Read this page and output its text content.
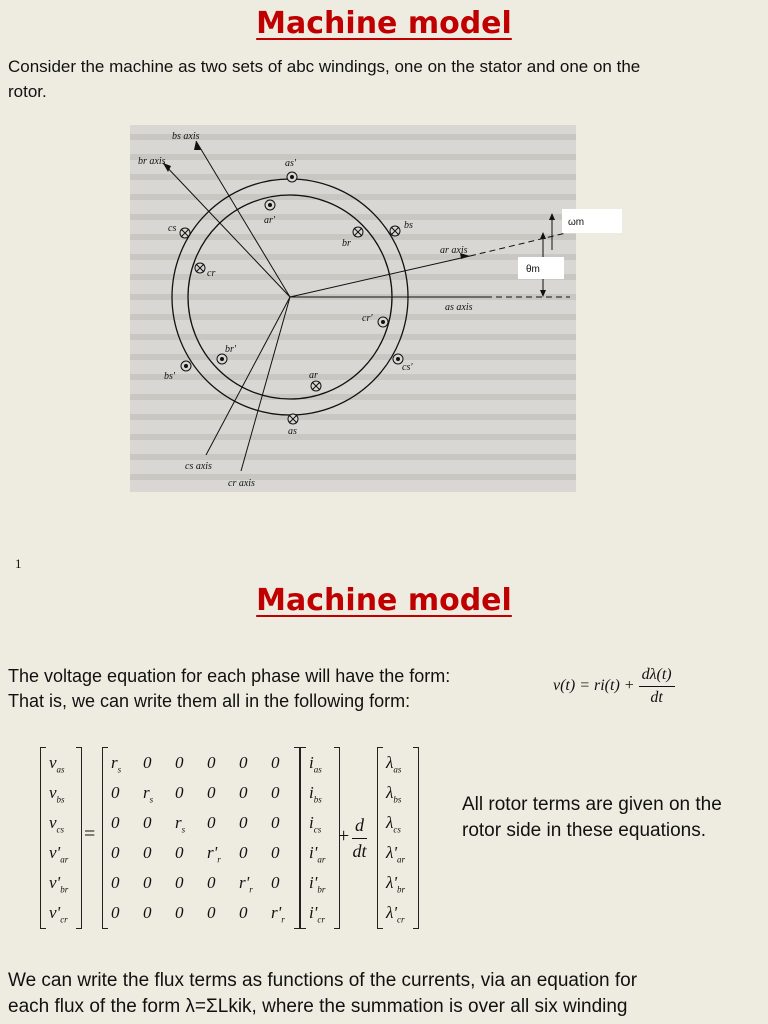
Machine model

Consider the machine as two sets of abc windings, one on the stator and one on the
rotor.

bs axis
br axis
ar axis
as axis
cs axis
cr axis
as'
ar'	bs
br
cs
cr
cr'
br'
bs'
cs'
ar
as
ωm
θm
1
Machine model

The voltage equation for each phase will have the form:
That is, we can write them all in the following form:

$v(t) = ri(t) + \frac{d\lambda(t)}{dt}$
$v_{as}$
$v_{bs}$
$v_{cs}$
$v'_{ar}$
$v'_{br}$
$v'_{cr}$
=
$r_s$ 0 0 0 0 0
0 $r_s$ 0 0 0 0
0 0 $r_s$ 0 0 0
0 0 0 $r'_r$ 0 0
0 0 0 0 $r'_r$ 0
0 0 0 0 0 $r'_r$
$i_{as}$
$i_{bs}$
$i_{cs}$
$i'_{ar}$
$i'_{br}$
$i'_{cr}$
+ $\frac{d}{dt}$
$\lambda_{as}$
$\lambda_{bs}$
$\lambda_{cs}$
$\lambda'_{ar}$
$\lambda'_{br}$
$\lambda'_{cr}$

All rotor terms are given on the rotor side in these equations.

We can write the flux terms as functions of the currents, via an equation for
each flux of the form λ=ΣLkik, where the summation is over all six winding
